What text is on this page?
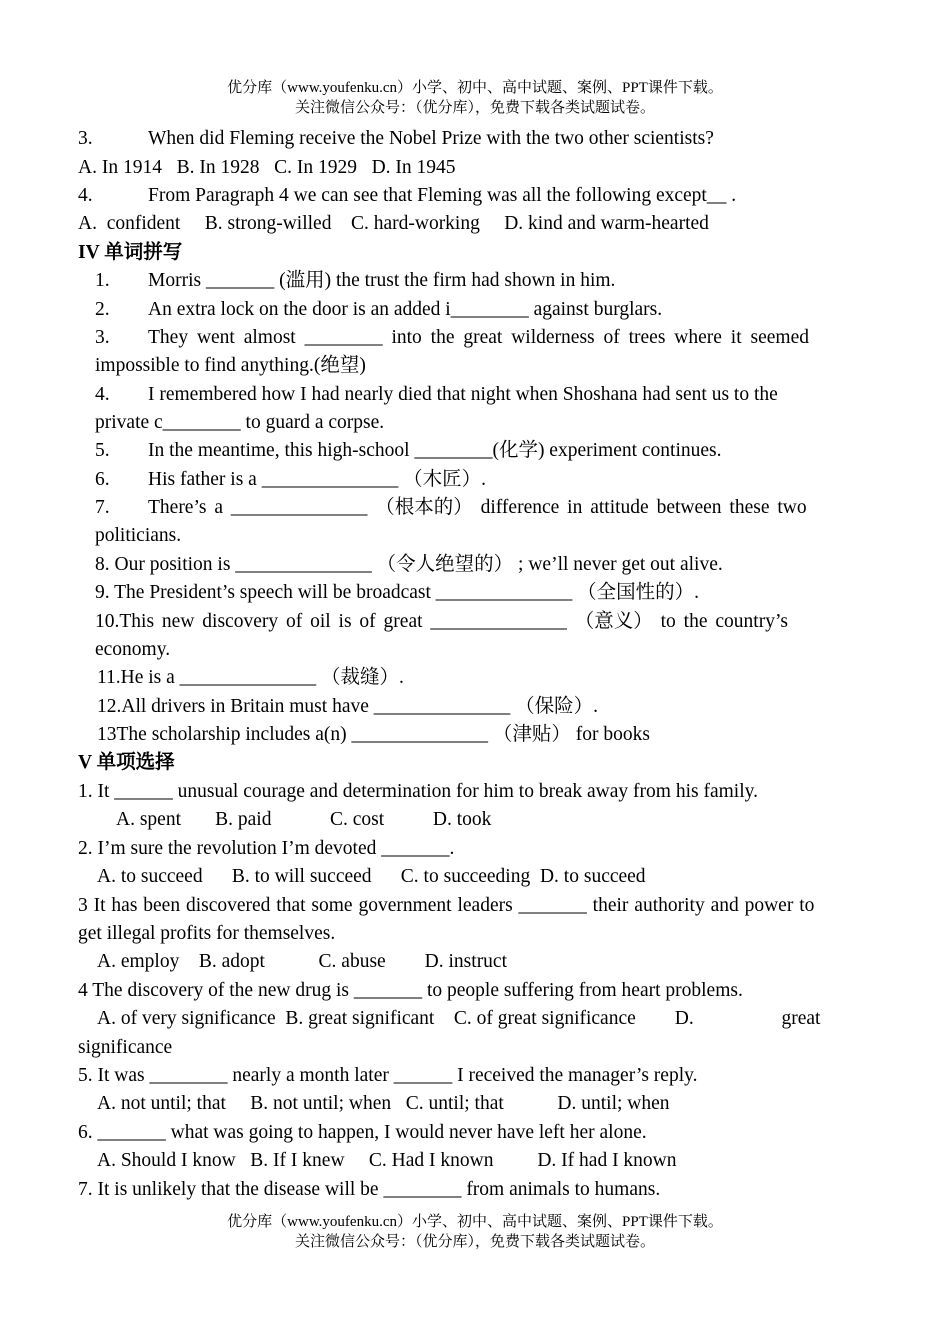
优分库（www.youfenku.cn）小学、初中、高中试题、案例、PPT课件下载。
关注微信公众号：（优分库），免费下载各类试题试卷。
3.	When did Fleming receive the Nobel Prize with the two other scientists?
A. In 1914   B. In 1928   C. In 1929   D. In 1945
4.	From Paragraph 4 we can see that Fleming was all the following except__ .
A.  confident     B. strong-willed    C. hard-working     D. kind and warm-hearted
IV 单词拼写
1. Morris _______ (滥用) the trust the firm had shown in him.
2. An extra lock on the door is an added i________ against burglars.
3. They went almost ________ into the great wilderness of trees where it seemed
impossible to find anything.(绝望)
4. I remembered how I had nearly died that night when Shoshana had sent us to the
private c________ to guard a corpse.
5. In the meantime, this high-school ________(化学) experiment continues.
6. His father is a ______________ （木匠）.
7. There’s a ______________ （根本的） difference in attitude between these two
politicians.
8. Our position is ______________ （令人绝望的） ; we’ll never get out alive.
9. The President’s speech will be broadcast ______________ （全国性的）.
10.This new discovery of oil is of great ______________ （意义） to the country’s
economy.
11.He is a ______________ （裁缝）.
12.All drivers in Britain must have ______________ （保险）.
13The scholarship includes a(n) ______________ （津贴） for books
V 单项选择
1. It ______ unusual courage and determination for him to break away from his family.
A. spent       B. paid            C. cost          D. took
2. I’m sure the revolution I’m devoted _______.
A. to succeed      B. to will succeed      C. to succeeding  D. to succeed
3 It has been discovered that some government leaders _______ their authority and power to
get illegal profits for themselves.
A. employ    B. adopt           C. abuse        D. instruct
4 The discovery of the new drug is _______ to people suffering from heart problems.
A. of very significance  B. great significant    C. of great significance        D.                  great
significance
5. It was ________ nearly a month later ______ I received the manager’s reply.
A. not until; that     B. not until; when   C. until; that           D. until; when
6. _______ what was going to happen, I would never have left her alone.
A. Should I know   B. If I knew     C. Had I known         D. If had I known
7. It is unlikely that the disease will be ________ from animals to humans.
优分库（www.youfenku.cn）小学、初中、高中试题、案例、PPT课件下载。
关注微信公众号：（优分库），免费下载各类试题试卷。
